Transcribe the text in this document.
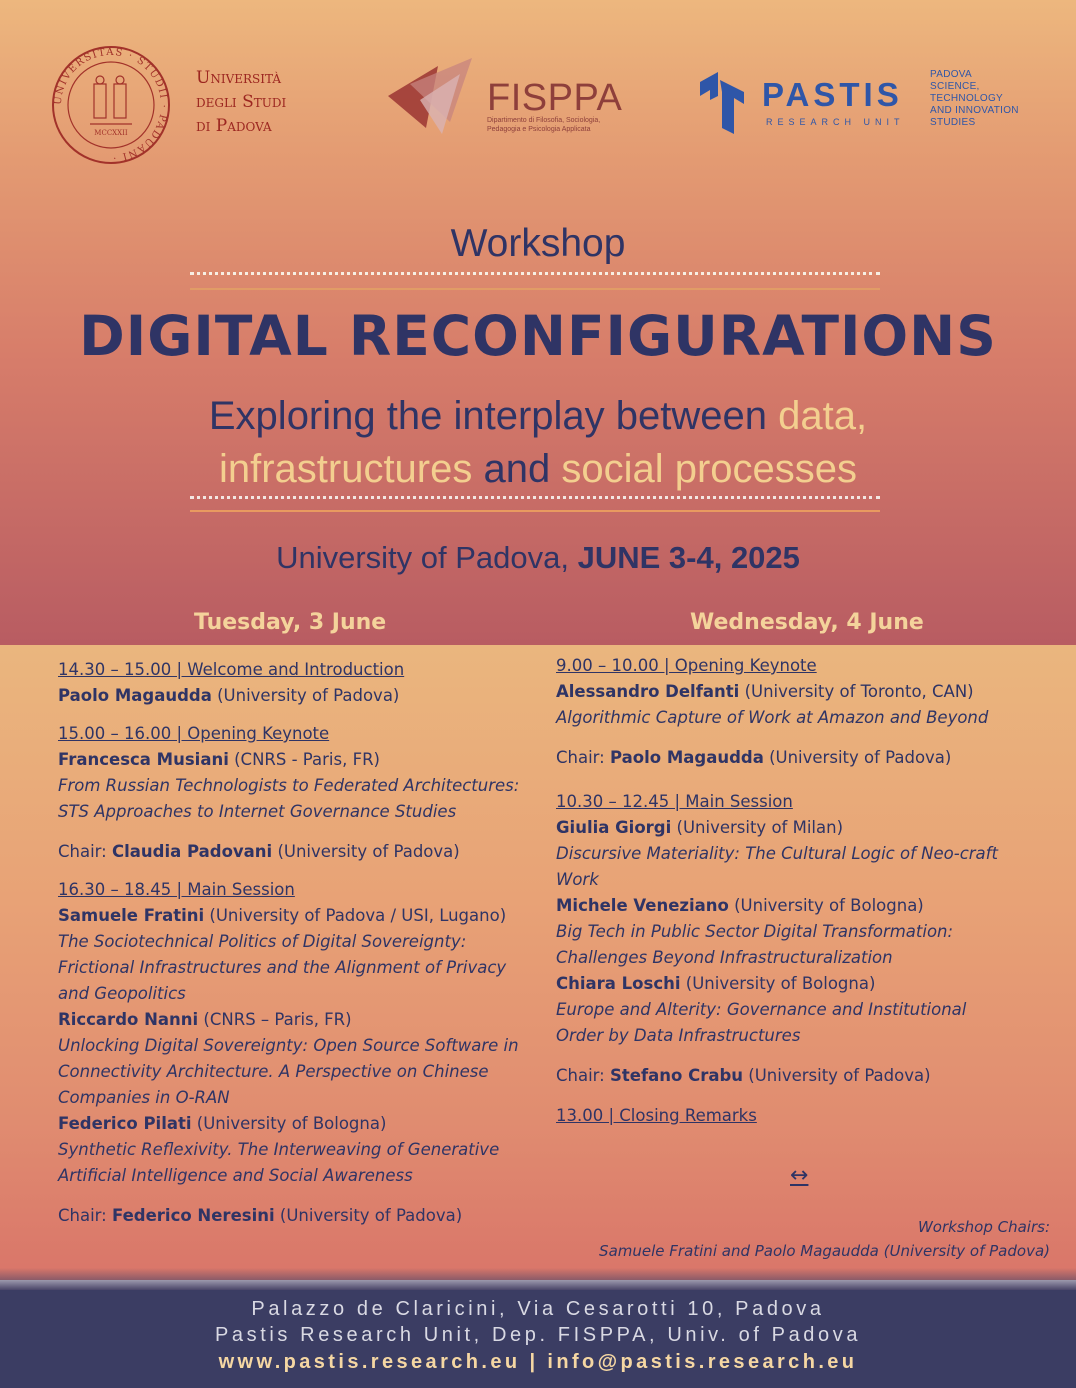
UNIVERSITAS · STUDII · PADUANI ·
MCCXXII
Università
degli Studi
di Padova
FISPPA
Dipartimento di Filosofia, Sociologia,
Pedagogia e Psicologia Applicata
PASTIS
RESEARCH UNIT
PADOVA
SCIENCE,
TECHNOLOGY
AND INNOVATION
STUDIES
Workshop
DIGITAL RECONFIGURATIONS
Exploring the interplay between data,
infrastructures and social processes
University of Padova, JUNE 3-4, 2025
Tuesday, 3 June	Wednesday, 4 June
14.30 – 15.00 | Welcome and Introduction
Paolo Magaudda (University of Padova)
15.00 – 16.00 | Opening Keynote
Francesca Musiani (CNRS - Paris, FR)
From Russian Technologists to Federated Architectures:
STS Approaches to Internet Governance Studies
Chair: Claudia Padovani (University of Padova)
16.30 – 18.45 | Main Session
Samuele Fratini (University of Padova / USI, Lugano)
The Sociotechnical Politics of Digital Sovereignty:
Frictional Infrastructures and the Alignment of Privacy
and Geopolitics
Riccardo Nanni (CNRS – Paris, FR)
Unlocking Digital Sovereignty: Open Source Software in
Connectivity Architecture. A Perspective on Chinese
Companies in O-RAN
Federico Pilati (University of Bologna)
Synthetic Reflexivity. The Interweaving of Generative
Artificial Intelligence and Social Awareness
Chair: Federico Neresini (University of Padova)
9.00 – 10.00 | Opening Keynote
Alessandro Delfanti (University of Toronto, CAN)
Algorithmic Capture of Work at Amazon and Beyond
Chair: Paolo Magaudda (University of Padova)
10.30 – 12.45 | Main Session
Giulia Giorgi (University of Milan)
Discursive Materiality: The Cultural Logic of Neo-craft
Work
Michele Veneziano (University of Bologna)
Big Tech in Public Sector Digital Transformation:
Challenges Beyond Infrastructuralization
Chiara Loschi (University of Bologna)
Europe and Alterity: Governance and Institutional
Order by Data Infrastructures
Chair: Stefano Crabu (University of Padova)
13.00 | Closing Remarks
↔
Workshop Chairs:
Samuele Fratini and Paolo Magaudda (University of Padova)
Palazzo de Claricini, Via Cesarotti 10, Padova
Pastis Research Unit, Dep. FISPPA, Univ. of Padova
www.pastis.research.eu | info@pastis.research.eu
